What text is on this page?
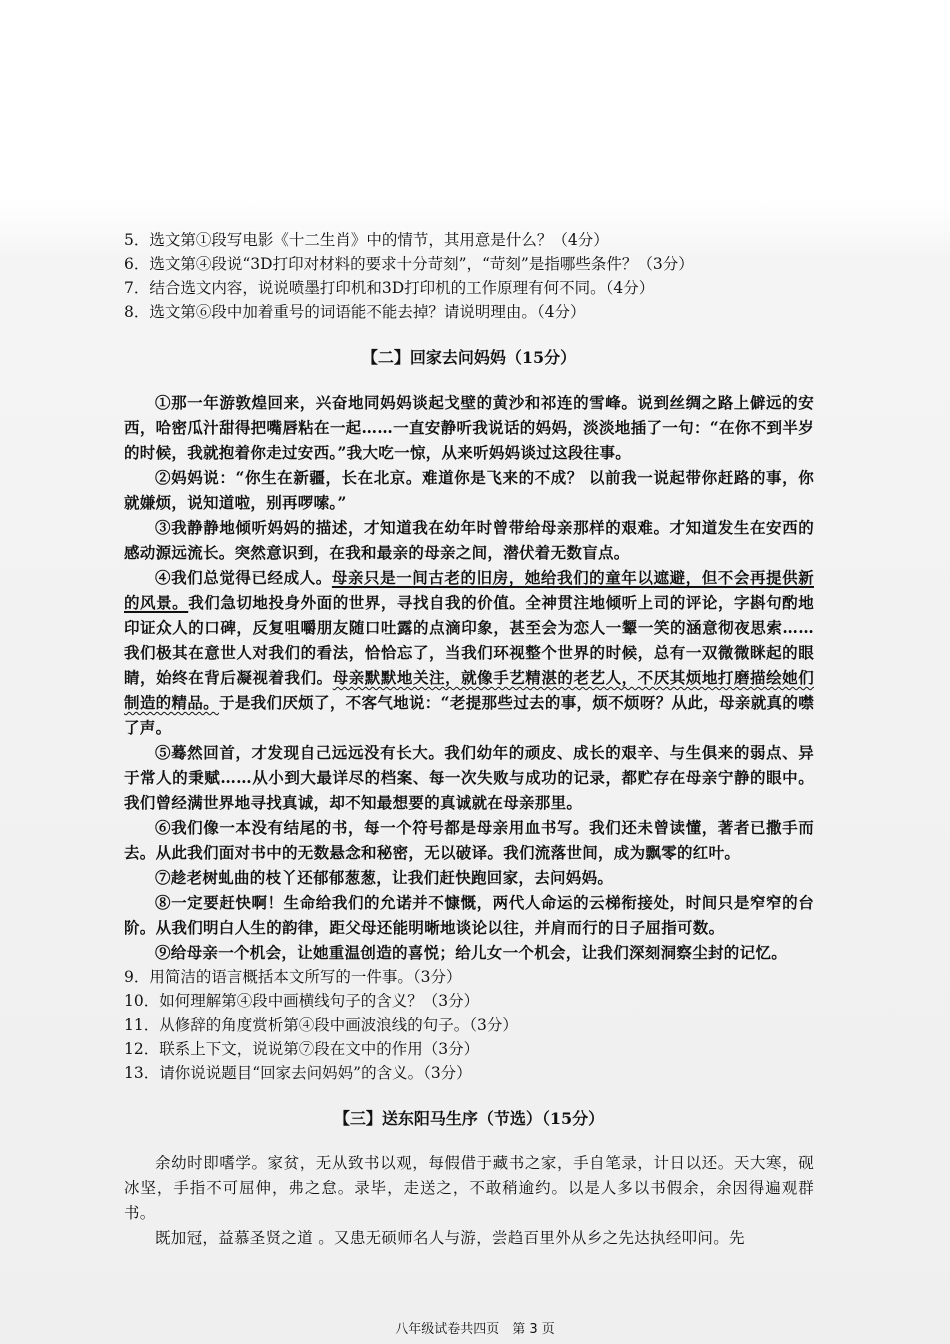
5．选文第①段写电影《十二生肖》中的情节，其用意是什么？（4分）
6．选文第④段说“3D打印对材料的要求十分苛刻”，“苛刻”是指哪些条件？（3分）
7．结合选文内容，说说喷墨打印机和3D打印机的工作原理有何不同。（4分）
8．选文第⑥段中加着重号的词语能不能去掉？请说明理由。（4分）
【二】回家去问妈妈（15分）
①那一年游敦煌回来，兴奋地同妈妈谈起戈壁的黄沙和祁连的雪峰。说到丝绸之路上僻远的安西，哈密瓜汁甜得把嘴唇粘在一起……一直安静听我说话的妈妈，淡淡地插了一句：“在你不到半岁的时候，我就抱着你走过安西。”我大吃一惊，从来听妈妈谈过这段往事。
②妈妈说：“你生在新疆，长在北京。难道你是飞来的不成？ 以前我一说起带你赶路的事，你就嫌烦，说知道啦，别再啰嗦。”
③我静静地倾听妈妈的描述，才知道我在幼年时曾带给母亲那样的艰难。才知道发生在安西的感动源远流长。突然意识到，在我和最亲的母亲之间，潜伏着无数盲点。
④我们总觉得已经成人。母亲只是一间古老的旧房，她给我们的童年以遮避，但不会再提供新的风景。我们急切地投身外面的世界，寻找自我的价值。全神贯注地倾听上司的评论，字斟句酌地印证众人的口碑，反复咀嚼朋友随口吐露的点滴印象，甚至会为恋人一颦一笑的涵意彻夜思索……我们极其在意世人对我们的看法，恰恰忘了，当我们环视整个世界的时候，总有一双微微眯起的眼睛，始终在背后凝视着我们。母亲默默地关注，就像手艺精湛的老艺人，不厌其烦地打磨描绘她们制造的精品。于是我们厌烦了，不客气地说：“老提那些过去的事，烦不烦呀？从此，母亲就真的噤了声。
⑤蓦然回首，才发现自己远远没有长大。我们幼年的顽皮、成长的艰辛、与生俱来的弱点、异于常人的秉赋……从小到大最详尽的档案、每一次失败与成功的记录，都贮存在母亲宁静的眼中。我们曾经满世界地寻找真诚，却不知最想要的真诚就在母亲那里。
⑥我们像一本没有结尾的书，每一个符号都是母亲用血书写。我们还未曾读懂，著者已撒手而去。从此我们面对书中的无数悬念和秘密，无以破译。我们流落世间，成为飘零的红叶。
⑦趁老树虬曲的枝丫还郁郁葱葱，让我们赶快跑回家，去问妈妈。
⑧一定要赶快啊！生命给我们的允诺并不慷慨，两代人命运的云梯衔接处，时间只是窄窄的台阶。从我们明白人生的韵律，距父母还能明晰地谈论以往，并肩而行的日子屈指可数。
⑨给母亲一个机会，让她重温创造的喜悦；给儿女一个机会，让我们深刻洞察尘封的记忆。
9．用简洁的语言概括本文所写的一件事。（3分）
10．如何理解第④段中画横线句子的含义？（3分）
11．从修辞的角度赏析第④段中画波浪线的句子。（3分）
12．联系上下文，说说第⑦段在文中的作用（3分）
13．请你说说题目“回家去问妈妈”的含义。（3分）
【三】送东阳马生序（节选）（15分）
余幼时即嗜学。家贫，无从致书以观，每假借于藏书之家，手自笔录，计日以还。天大寒，砚冰坚，手指不可屈伸，弗之怠。录毕，走送之，不敢稍逾约。以是人多以书假余，余因得遍观群书。
既加冠，益慕圣贤之道 。又患无硕师名人与游，尝趋百里外从乡之先达执经叩问。先
八年级试卷共四页　第 3 页
